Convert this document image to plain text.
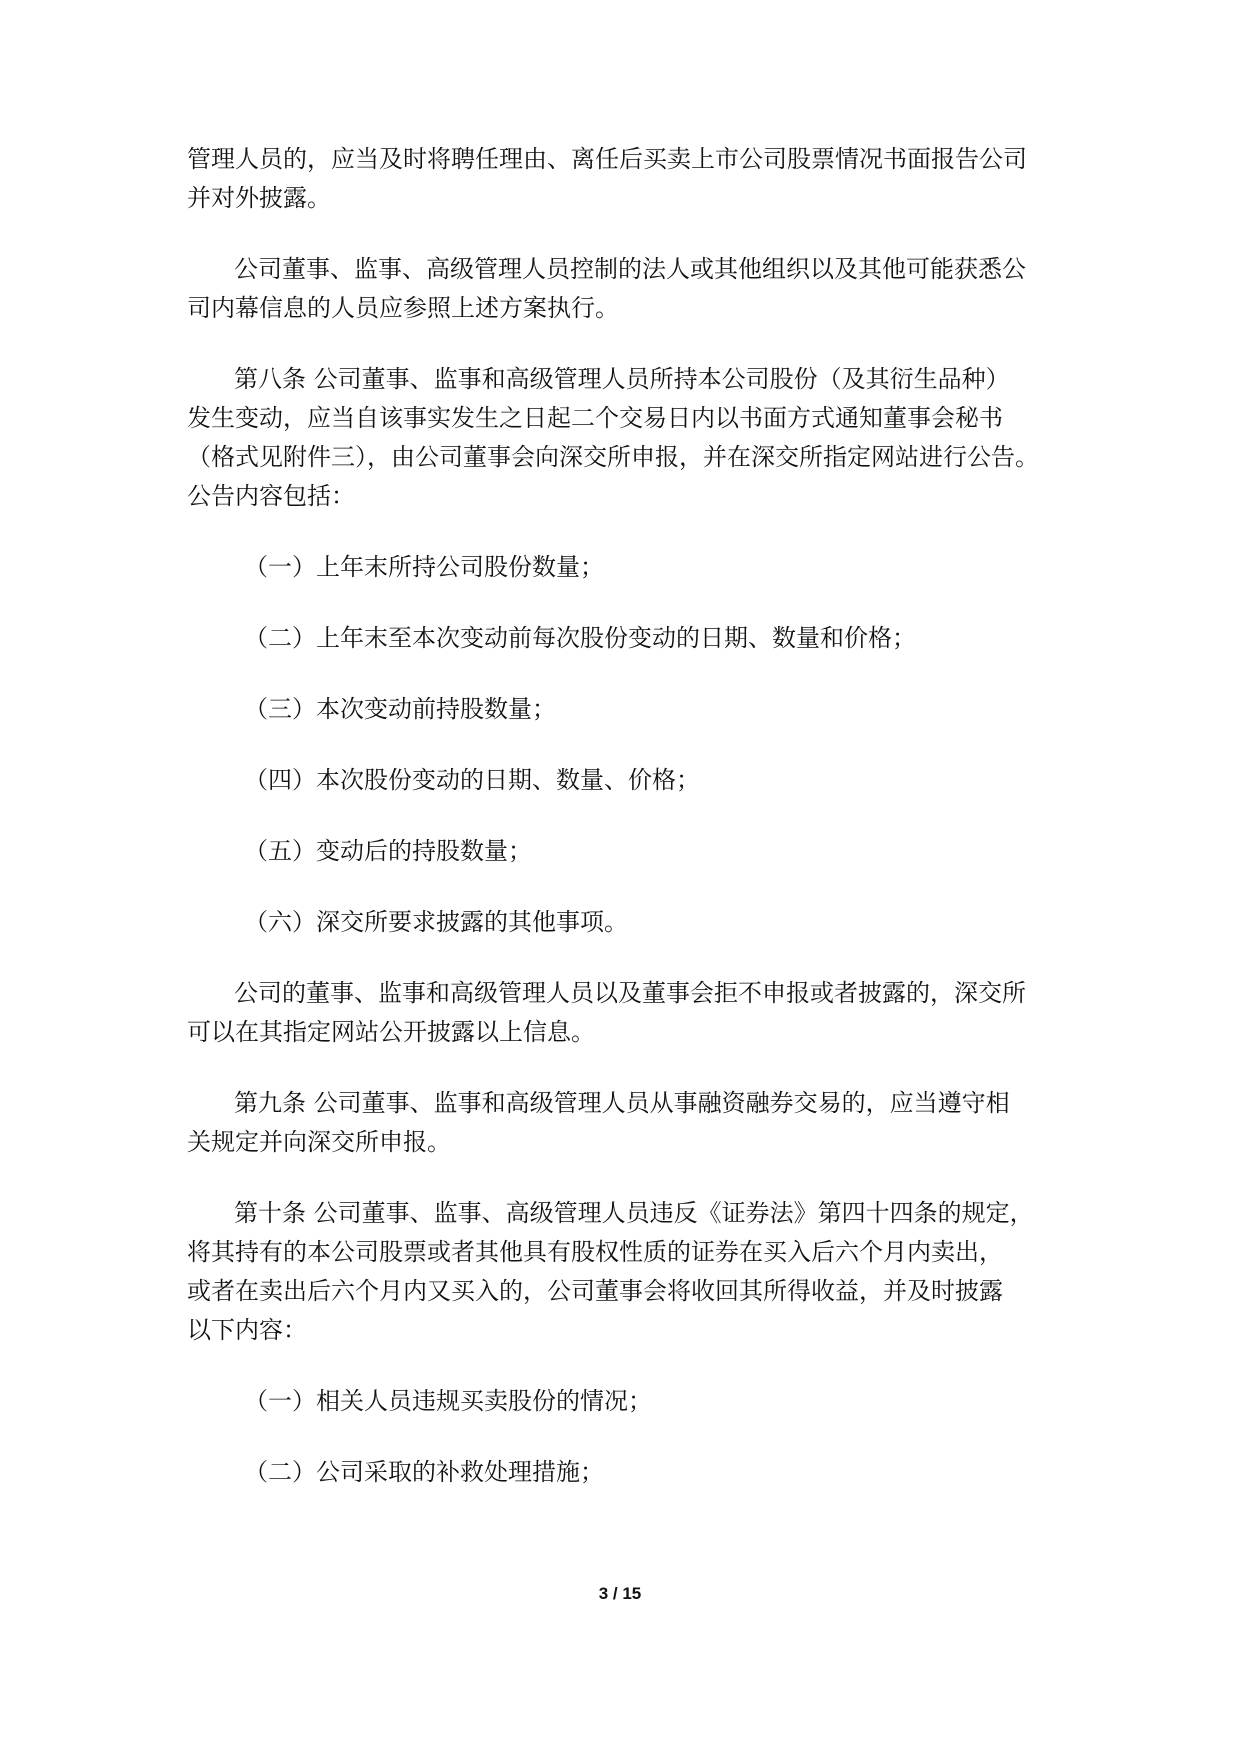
管理人员的，应当及时将聘任理由、离任后买卖上市公司股票情况书面报告公司

并对外披露。

公司董事、监事、高级管理人员控制的法人或其他组织以及其他可能获悉公

司内幕信息的人员应参照上述方案执行。

第八条 公司董事、监事和高级管理人员所持本公司股份（及其衍生品种）

发生变动，应当自该事实发生之日起二个交易日内以书面方式通知董事会秘书

（格式见附件三），由公司董事会向深交所申报，并在深交所指定网站进行公告。

公告内容包括：

（一）上年末所持公司股份数量；

（二）上年末至本次变动前每次股份变动的日期、数量和价格；

（三）本次变动前持股数量；

（四）本次股份变动的日期、数量、价格；

（五）变动后的持股数量；

（六）深交所要求披露的其他事项。

公司的董事、监事和高级管理人员以及董事会拒不申报或者披露的，深交所

可以在其指定网站公开披露以上信息。

第九条 公司董事、监事和高级管理人员从事融资融券交易的，应当遵守相

关规定并向深交所申报。

第十条 公司董事、监事、高级管理人员违反《证券法》第四十四条的规定，

将其持有的本公司股票或者其他具有股权性质的证券在买入后六个月内卖出，

或者在卖出后六个月内又买入的，公司董事会将收回其所得收益，并及时披露

以下内容：

（一）相关人员违规买卖股份的情况；

（二）公司采取的补救处理措施；

3 / 15
